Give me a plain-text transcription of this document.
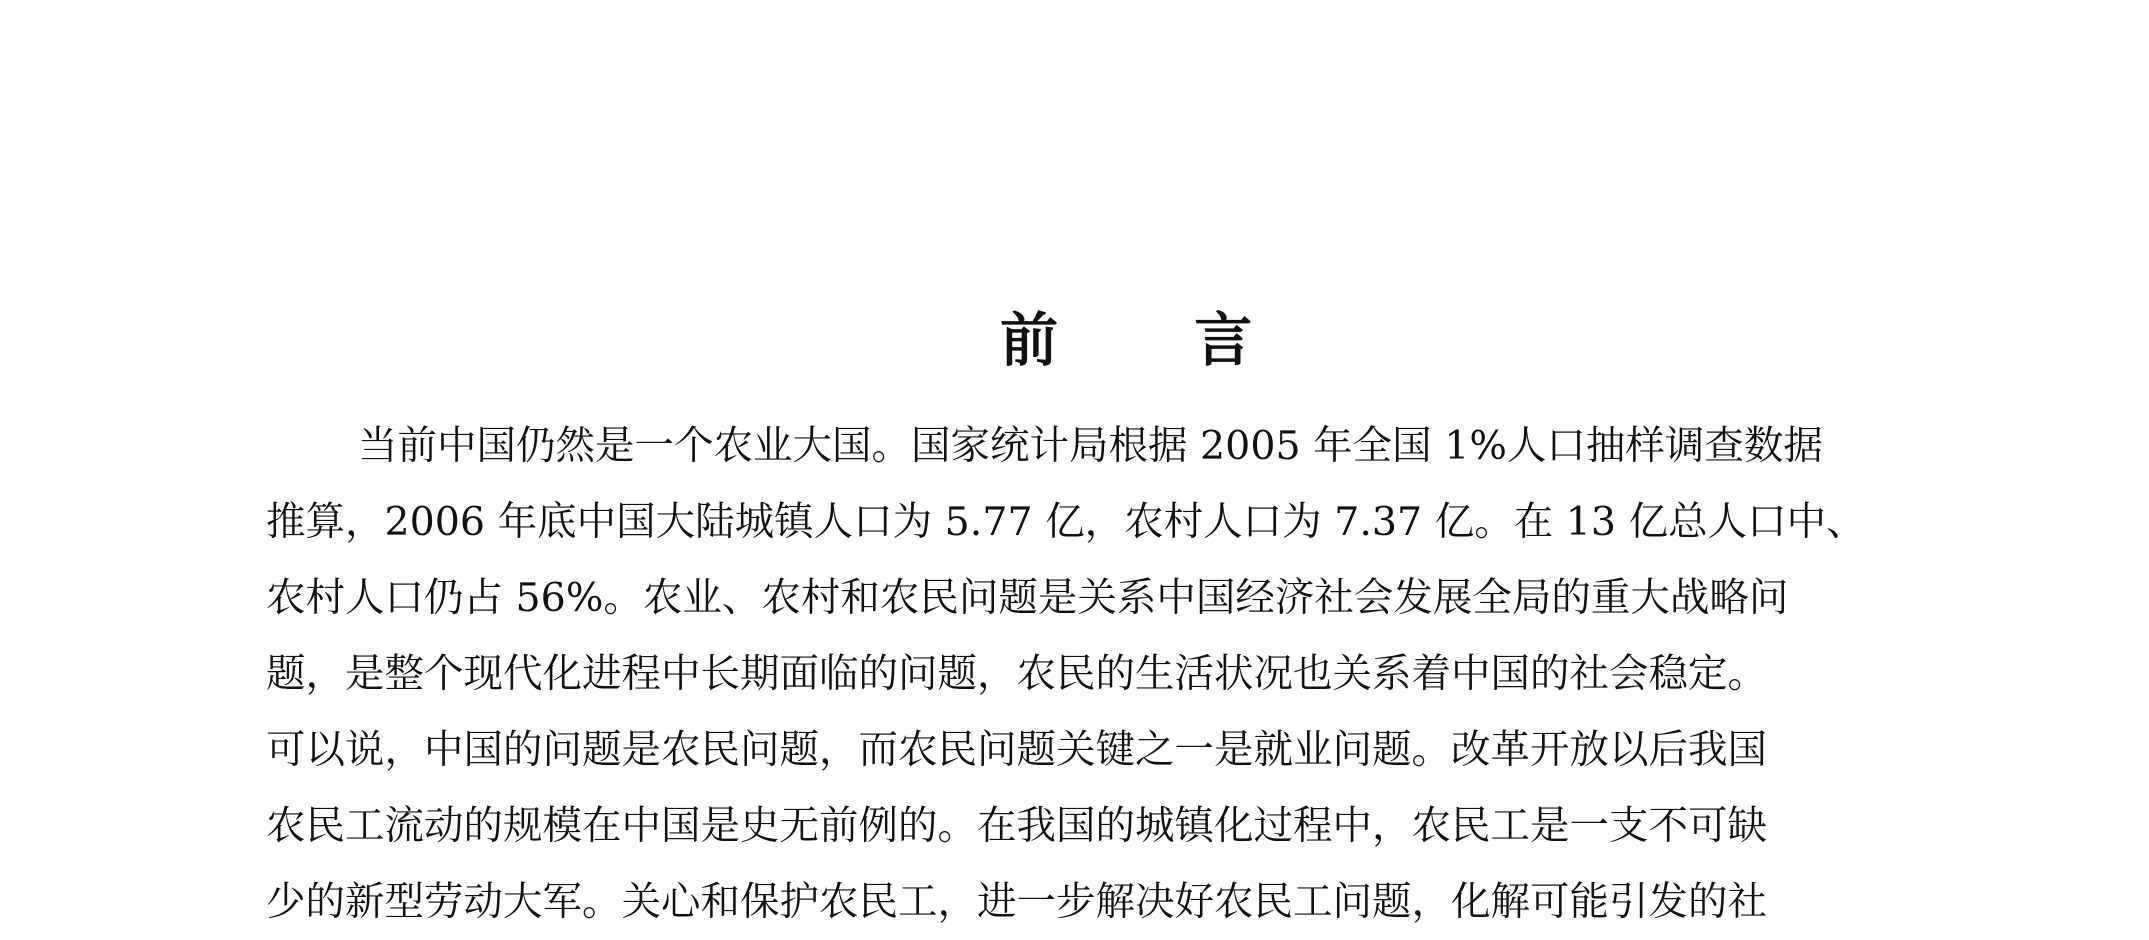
前 言
当前中国仍然是一个农业大国。国家统计局根据 2005 年全国 1%人口抽样调查数据
推算，2006 年底中国大陆城镇人口为 5.77 亿，农村人口为 7.37 亿。在 13 亿总人口中、
农村人口仍占 56%。农业、农村和农民问题是关系中国经济社会发展全局的重大战略问
题，是整个现代化进程中长期面临的问题，农民的生活状况也关系着中国的社会稳定。
可以说，中国的问题是农民问题，而农民问题关键之一是就业问题。改革开放以后我国
农民工流动的规模在中国是史无前例的。在我国的城镇化过程中，农民工是一支不可缺
少的新型劳动大军。关心和保护农民工，进一步解决好农民工问题，化解可能引发的社
